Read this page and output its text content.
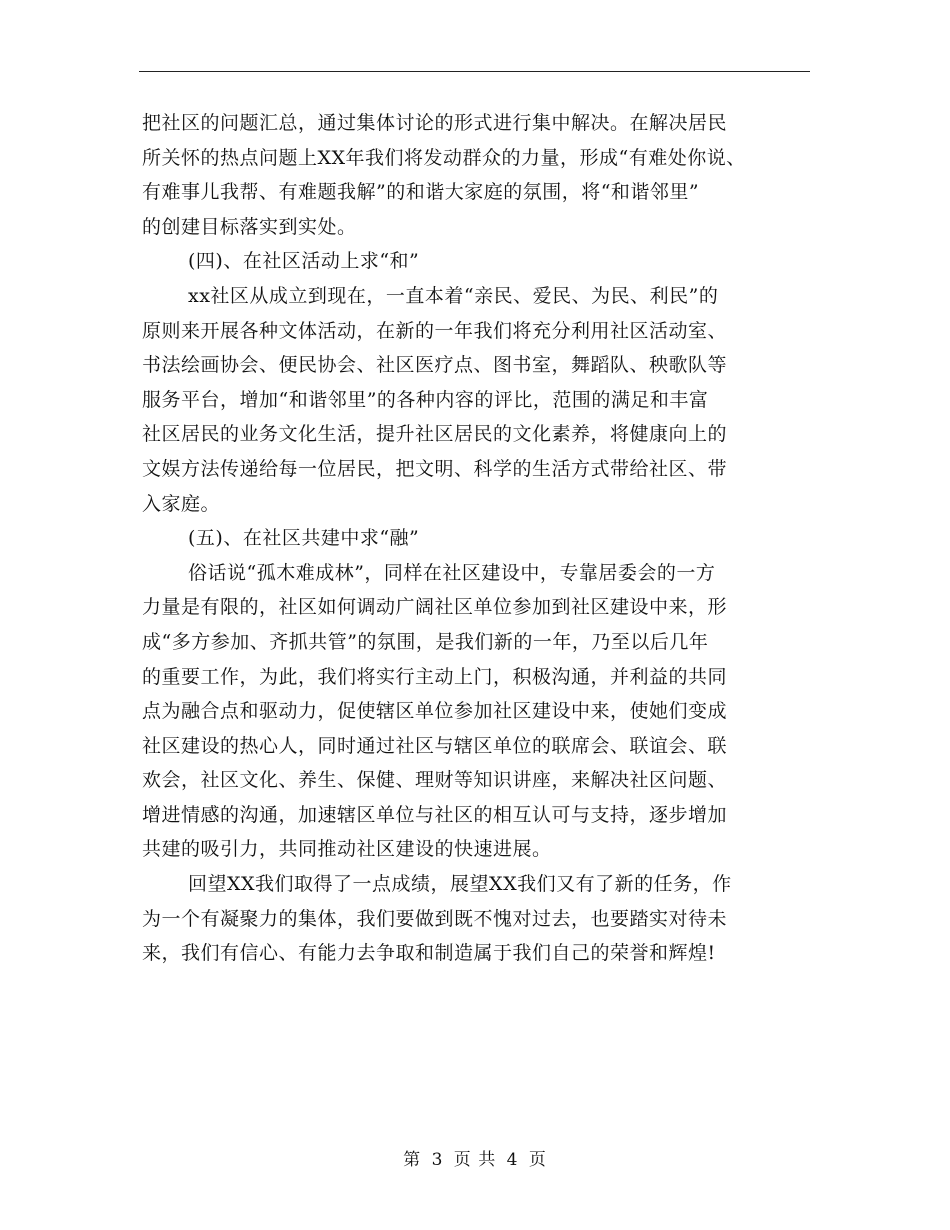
把社区的问题汇总，通过集体讨论的形式进行集中解决。在解决居民
所关怀的热点问题上XX年我们将发动群众的力量，形成“有难处你说、
有难事儿我帮、有难题我解”的和谐大家庭的氛围，将“和谐邻里”
的创建目标落实到实处。
(四)、在社区活动上求“和”
xx社区从成立到现在，一直本着“亲民、爱民、为民、利民”的
原则来开展各种文体活动，在新的一年我们将充分利用社区活动室、
书法绘画协会、便民协会、社区医疗点、图书室，舞蹈队、秧歌队等
服务平台，增加“和谐邻里”的各种内容的评比，范围的满足和丰富
社区居民的业务文化生活，提升社区居民的文化素养，将健康向上的
文娱方法传递给每一位居民，把文明、科学的生活方式带给社区、带
入家庭。
(五)、在社区共建中求“融”
俗话说“孤木难成林”，同样在社区建设中，专靠居委会的一方
力量是有限的，社区如何调动广阔社区单位参加到社区建设中来，形
成“多方参加、齐抓共管”的氛围，是我们新的一年，乃至以后几年
的重要工作，为此，我们将实行主动上门，积极沟通，并利益的共同
点为融合点和驱动力，促使辖区单位参加社区建设中来，使她们变成
社区建设的热心人，同时通过社区与辖区单位的联席会、联谊会、联
欢会，社区文化、养生、保健、理财等知识讲座，来解决社区问题、
增进情感的沟通，加速辖区单位与社区的相互认可与支持，逐步增加
共建的吸引力，共同推动社区建设的快速进展。
回望XX我们取得了一点成绩，展望XX我们又有了新的任务，作
为一个有凝聚力的集体，我们要做到既不愧对过去，也要踏实对待未
来，我们有信心、有能力去争取和制造属于我们自己的荣誉和辉煌!
第 3 页 共 4 页
